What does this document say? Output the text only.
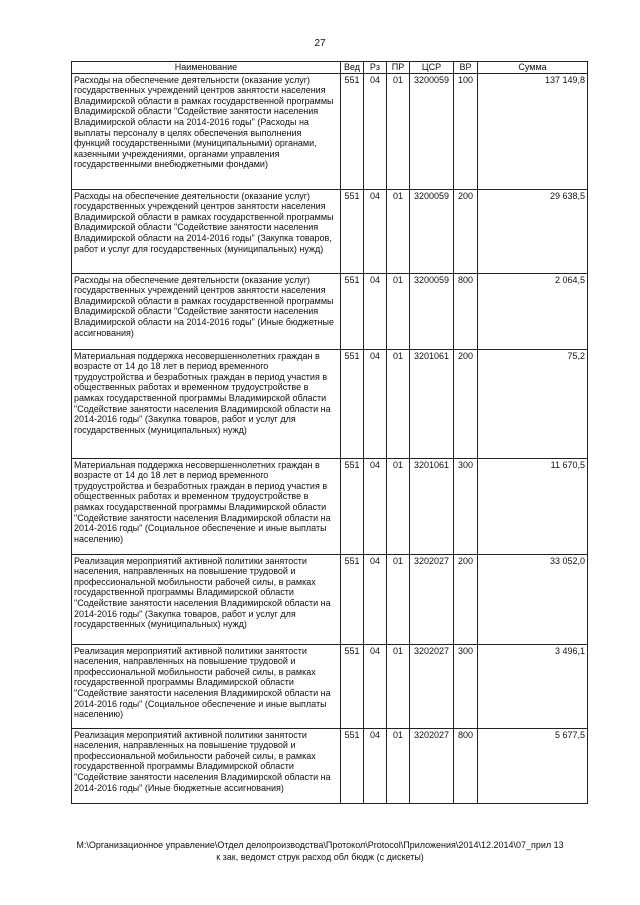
27
Наименование	Вед	Рз	ПР	ЦСР	ВР	Сумма
Расходы на обеспечение деятельности (оказание услуг) государственных учреждений центров занятости населения Владимирской области в рамках государственной программы Владимирской области "Содействие занятости населения Владимирской области на 2014-2016 годы" (Расходы на выплаты персоналу в целях обеспечения выполнения функций государственными (муниципальными) органами, казенными учреждениями, органами управления государственными внебюджетными фондами)	551	04	01	3200059	100	137 149,8
Расходы на обеспечение деятельности (оказание услуг) государственных учреждений центров занятости населения Владимирской области в рамках государственной программы Владимирской области "Содействие занятости населения Владимирской области на 2014-2016 годы" (Закупка товаров, работ и услуг для государственных (муниципальных) нужд)	551	04	01	3200059	200	29 638,5
Расходы на обеспечение деятельности (оказание услуг) государственных учреждений центров занятости населения Владимирской области в рамках государственной программы Владимирской области "Содействие занятости населения Владимирской области на 2014-2016 годы" (Иные бюджетные ассигнования)	551	04	01	3200059	800	2 064,5
Материальная поддержка несовершеннолетних граждан в возрасте от 14 до 18 лет в период временного трудоустройства и безработных граждан в период участия в общественных работах и временном трудоустройстве в рамках государственной программы Владимирской области "Содействие занятости населения Владимирской области на 2014-2016 годы" (Закупка товаров, работ и услуг для государственных (муниципальных) нужд)	551	04	01	3201061	200	75,2
Материальная поддержка несовершеннолетних граждан в возрасте от 14 до 18 лет в период временного трудоустройства и безработных граждан в период участия в общественных работах и временном трудоустройстве в рамках государственной программы Владимирской области "Содействие занятости населения Владимирской области на 2014-2016 годы" (Социальное обеспечение и иные выплаты населению)	551	04	01	3201061	300	11 670,5
Реализация мероприятий активной политики занятости населения, направленных на повышение трудовой и профессиональной мобильности рабочей силы, в рамках государственной программы Владимирской области "Содействие занятости населения Владимирской области на 2014-2016 годы" (Закупка товаров, работ и услуг для государственных (муниципальных) нужд)	551	04	01	3202027	200	33 052,0
Реализация мероприятий активной политики занятости населения, направленных на повышение трудовой и профессиональной мобильности рабочей силы, в рамках государственной программы Владимирской области "Содействие занятости населения Владимирской области на 2014-2016 годы" (Социальное обеспечение и иные выплаты населению)	551	04	01	3202027	300	3 496,1
Реализация мероприятий активной политики занятости населения, направленных на повышение трудовой и профессиональной мобильности рабочей силы, в рамках государственной программы Владимирской области "Содействие занятости населения Владимирской области на 2014-2016 годы" (Иные бюджетные ассигнования)	551	04	01	3202027	800	5 677,5
M:\Организационное управление\Отдел делопроизводства\Протокол\Protocol\Приложения\2014\12.2014\07_прил 13
к зак, ведомст струк расход обл бюдж (с дискеты)
